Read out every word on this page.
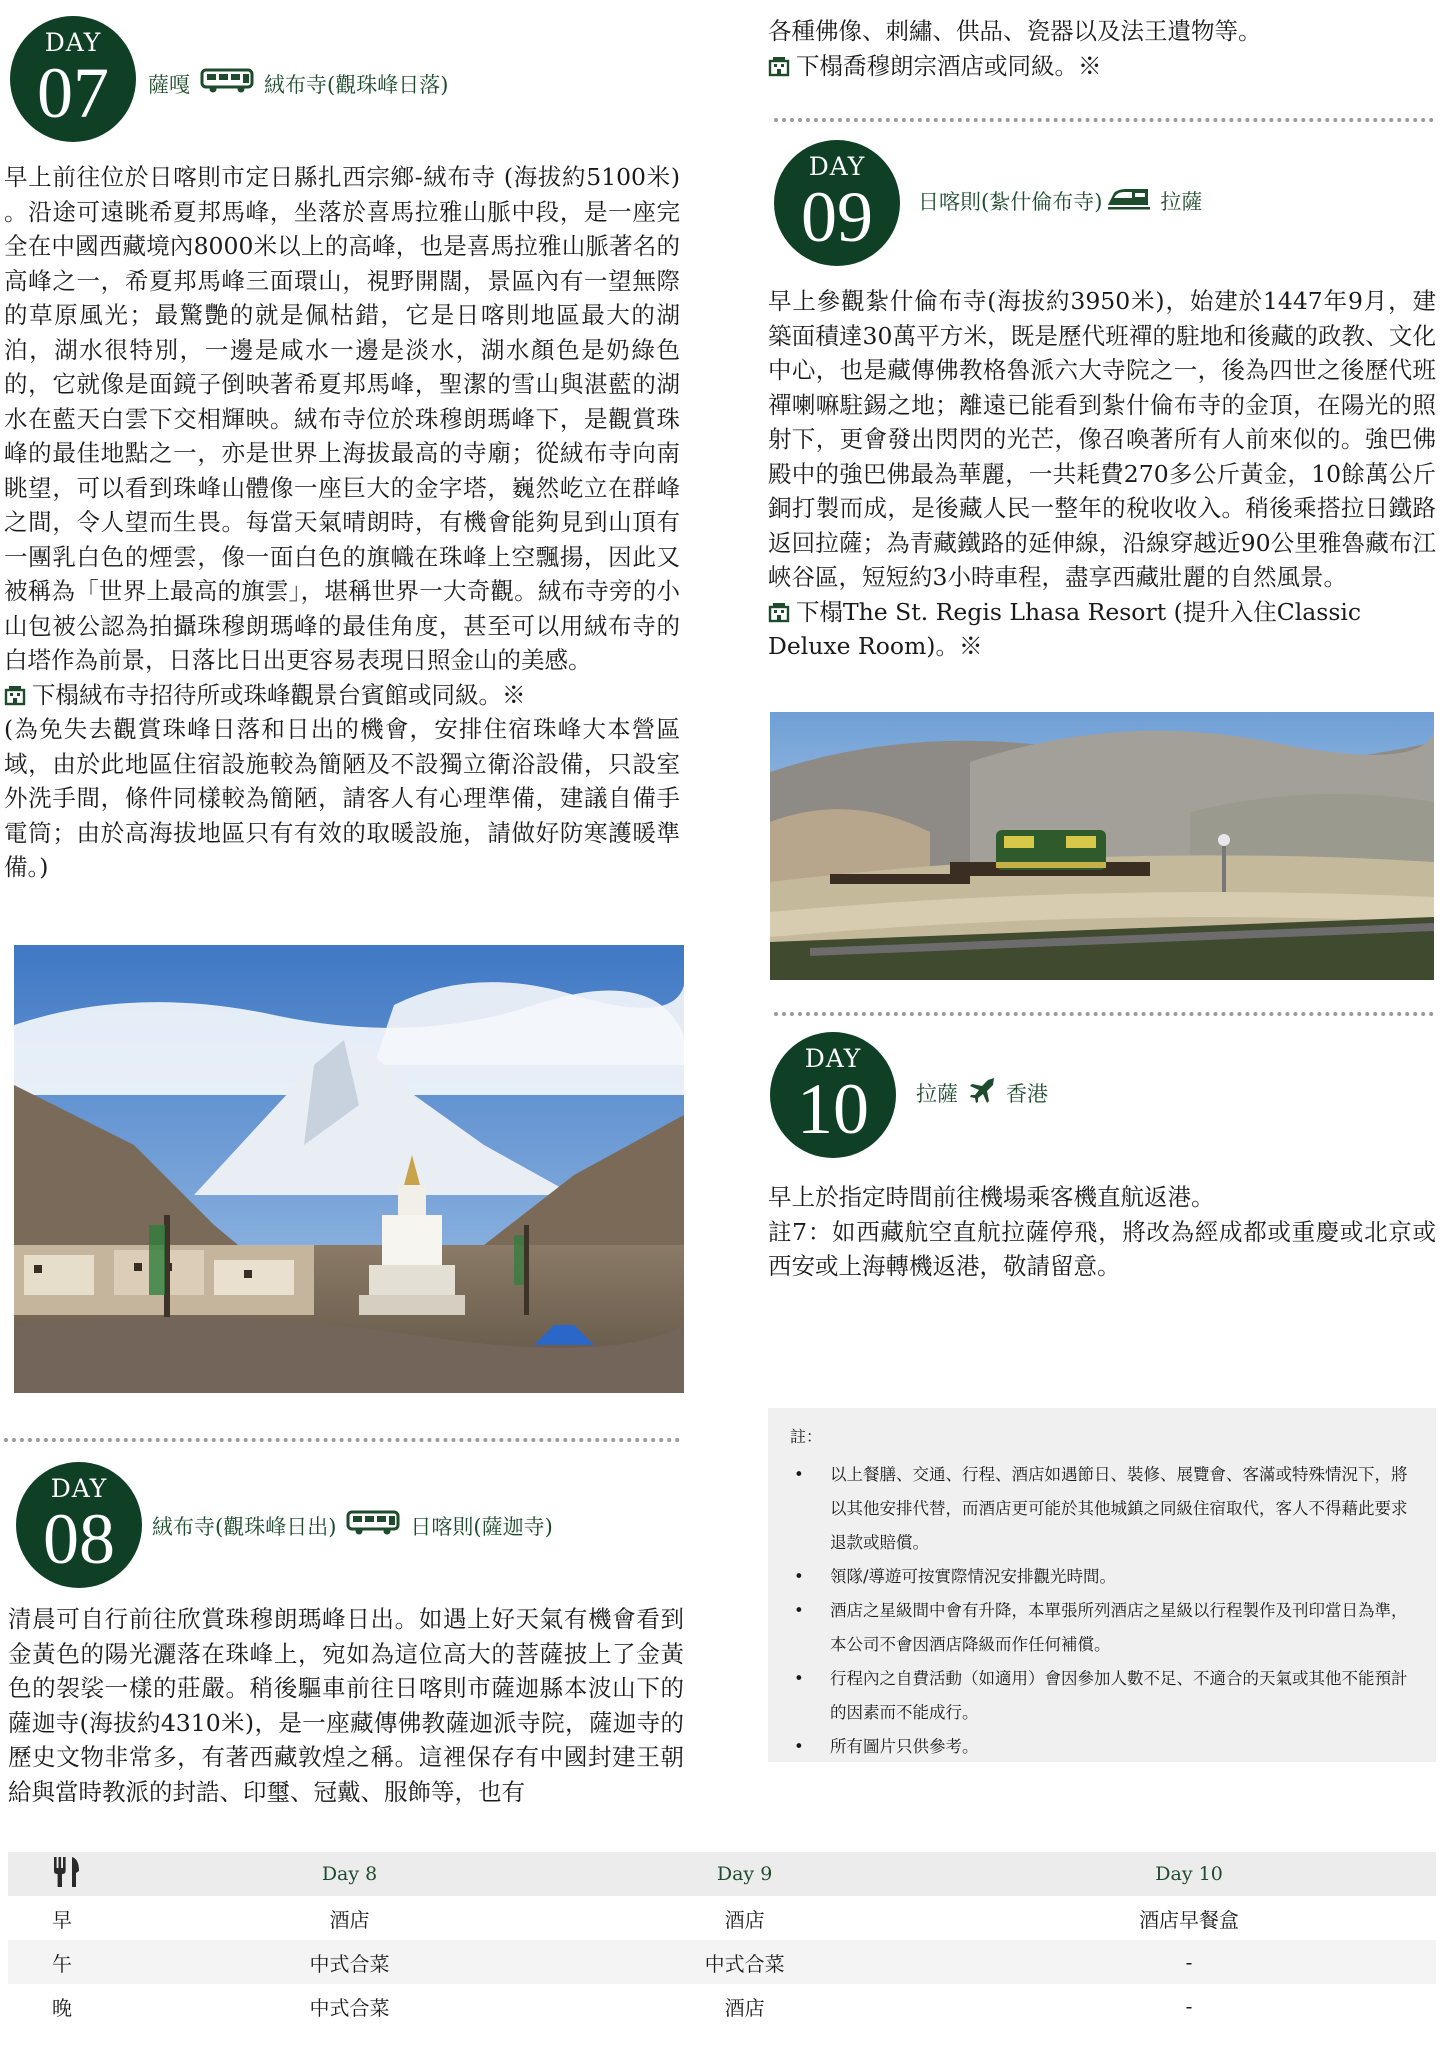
DAY
07	薩嘎	絨布寺(觀珠峰日落)

早上前往位於日喀則市定日縣扎西宗鄉-絨布寺 (海拔約5100米) 。沿途可遠眺希夏邦馬峰，坐落於喜馬拉雅山脈中段，是一座完全在中國西藏境內8000米以上的高峰，也是喜馬拉雅山脈著名的高峰之一，希夏邦馬峰三面環山，視野開闊，景區內有一望無際的草原風光；最驚艷的就是佩枯錯，它是日喀則地區最大的湖泊，湖水很特別，一邊是咸水一邊是淡水，湖水顏色是奶綠色的，它就像是面鏡子倒映著希夏邦馬峰，聖潔的雪山與湛藍的湖水在藍天白雲下交相輝映。絨布寺位於珠穆朗瑪峰下，是觀賞珠峰的最佳地點之一，亦是世界上海拔最高的寺廟；從絨布寺向南眺望，可以看到珠峰山體像一座巨大的金字塔，巍然屹立在群峰之間，令人望而生畏。每當天氣晴朗時，有機會能夠見到山頂有一團乳白色的煙雲，像一面白色的旗幟在珠峰上空飄揚，因此又被稱為「世界上最高的旗雲」，堪稱世界一大奇觀。絨布寺旁的小山包被公認為拍攝珠穆朗瑪峰的最佳角度，甚至可以用絨布寺的白塔作為前景，日落比日出更容易表現日照金山的美感。

下榻絨布寺招待所或珠峰觀景台賓館或同級。※

(為免失去觀賞珠峰日落和日出的機會，安排住宿珠峰大本營區域，由於此地區住宿設施較為簡陋及不設獨立衛浴設備，只設室外洗手間，條件同樣較為簡陋，請客人有心理準備，建議自備手電筒；由於高海拔地區只有有效的取暖設施，請做好防寒護暖準備。)

DAY
08	絨布寺(觀珠峰日出)	日喀則(薩迦寺)

清晨可自行前往欣賞珠穆朗瑪峰日出。如遇上好天氣有機會看到金黃色的陽光灑落在珠峰上，宛如為這位高大的菩薩披上了金黃色的袈裟一樣的莊嚴。稍後驅車前往日喀則市薩迦縣本波山下的薩迦寺(海拔約4310米)，是一座藏傳佛教薩迦派寺院，薩迦寺的歷史文物非常多，有著西藏敦煌之稱。這裡保存有中國封建王朝給與當時教派的封誥、印璽、冠戴、服飾等，也有

各種佛像、刺繡、供品、瓷器以及法王遺物等。

下榻喬穆朗宗酒店或同級。※

DAY
09	日喀則(紮什倫布寺)	拉薩

早上參觀紮什倫布寺(海拔約3950米)，始建於1447年9月，建築面積達30萬平方米，既是歷代班禪的駐地和後藏的政教、文化中心，也是藏傳佛教格魯派六大寺院之一，後為四世之後歷代班禪喇嘛駐錫之地；離遠已能看到紮什倫布寺的金頂，在陽光的照射下，更會發出閃閃的光芒，像召喚著所有人前來似的。強巴佛殿中的強巴佛最為華麗，一共耗費270多公斤黃金，10餘萬公斤銅打製而成，是後藏人民一整年的稅收收入。稍後乘搭拉日鐵路返回拉薩；為青藏鐵路的延伸線，沿線穿越近90公里雅魯藏布江峽谷區，短短約3小時車程，盡享西藏壯麗的自然風景。

下榻The St. Regis Lhasa Resort (提升入住Classic Deluxe Room)。※

DAY
10	拉薩 香港

早上於指定時間前往機場乘客機直航返港。

註7：如西藏航空直航拉薩停飛，將改為經成都或重慶或北京或西安或上海轉機返港，敬請留意。

註：
• 以上餐膳、交通、行程、酒店如遇節日、裝修、展覽會、客滿或特殊情況下，將以其他安排代替，而酒店更可能於其他城鎮之同級住宿取代，客人不得藉此要求退款或賠償。
• 領隊/導遊可按實際情況安排觀光時間。
• 酒店之星級間中會有升降，本單張所列酒店之星級以行程製作及刊印當日為準，本公司不會因酒店降級而作任何補償。
• 行程內之自費活動（如適用）會因參加人數不足、不適合的天氣或其他不能預計的因素而不能成行。
• 所有圖片只供參考。
	Day 8	Day 9	Day 10
早	酒店	酒店	酒店早餐盒
午	中式合菜	中式合菜	-
晚	中式合菜	酒店	-
